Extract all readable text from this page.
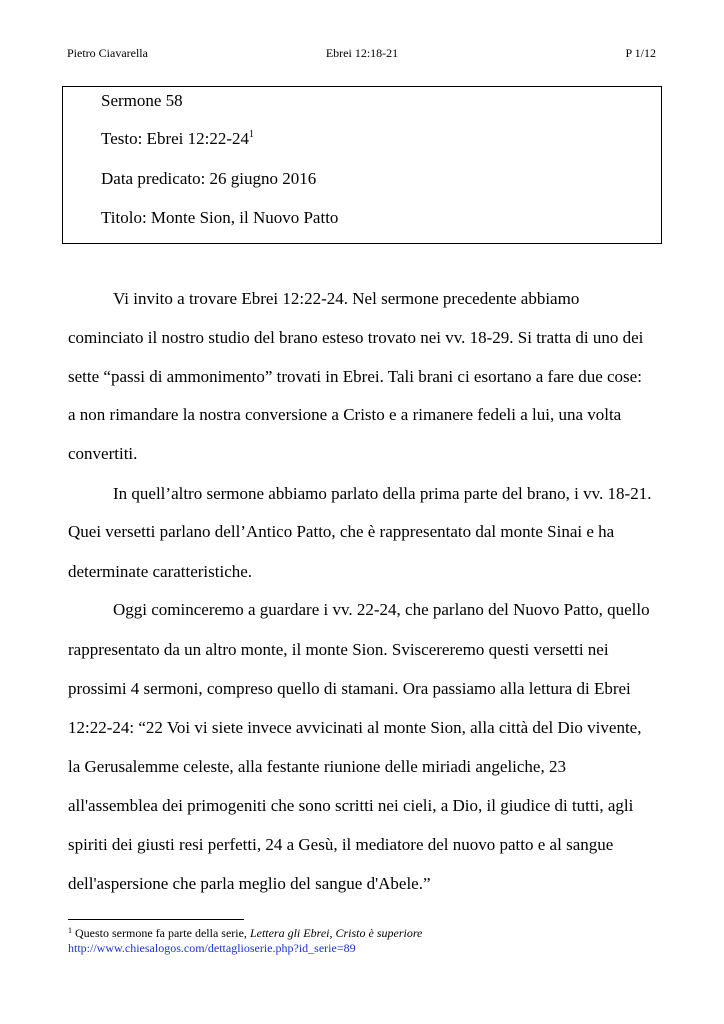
Pietro Ciavarella	Ebrei 12:18-21	P 1/12
Sermone 58
Testo: Ebrei $12:22-24^1$
Data predicato: 26 giugno 2016
Titolo: Monte Sion, il Nuovo Patto
Vi invito a trovare Ebrei 12:22-24. Nel sermone precedente abbiamo
cominciato il nostro studio del brano esteso trovato nei vv. 18-29. Si tratta di uno dei
sette “passi di ammonimento” trovati in Ebrei. Tali brani ci esortano a fare due cose:
a non rimandare la nostra conversione a Cristo e a rimanere fedeli a lui, una volta
convertiti.
In quell’altro sermone abbiamo parlato della prima parte del brano, i vv. 18-21.
Quei versetti parlano dell’Antico Patto, che è rappresentato dal monte Sinai e ha
determinate caratteristiche.
Oggi cominceremo a guardare i vv. 22-24, che parlano del Nuovo Patto, quello
rappresentato da un altro monte, il monte Sion. Sviscereremo questi versetti nei
prossimi 4 sermoni, compreso quello di stamani. Ora passiamo alla lettura di Ebrei
12:22-24: “22 Voi vi siete invece avvicinati al monte Sion, alla città del Dio vivente,
la Gerusalemme celeste, alla festante riunione delle miriadi angeliche, 23
all'assemblea dei primogeniti che sono scritti nei cieli, a Dio, il giudice di tutti, agli
spiriti dei giusti resi perfetti, 24 a Gesù, il mediatore del nuovo patto e al sangue
dell'aspersione che parla meglio del sangue d'Abele.”
$^1$ Questo sermone fa parte della serie, Lettera gli Ebrei, Cristo è superiore
http://www.chiesalogos.com/dettaglioserie.php?id_serie=89
